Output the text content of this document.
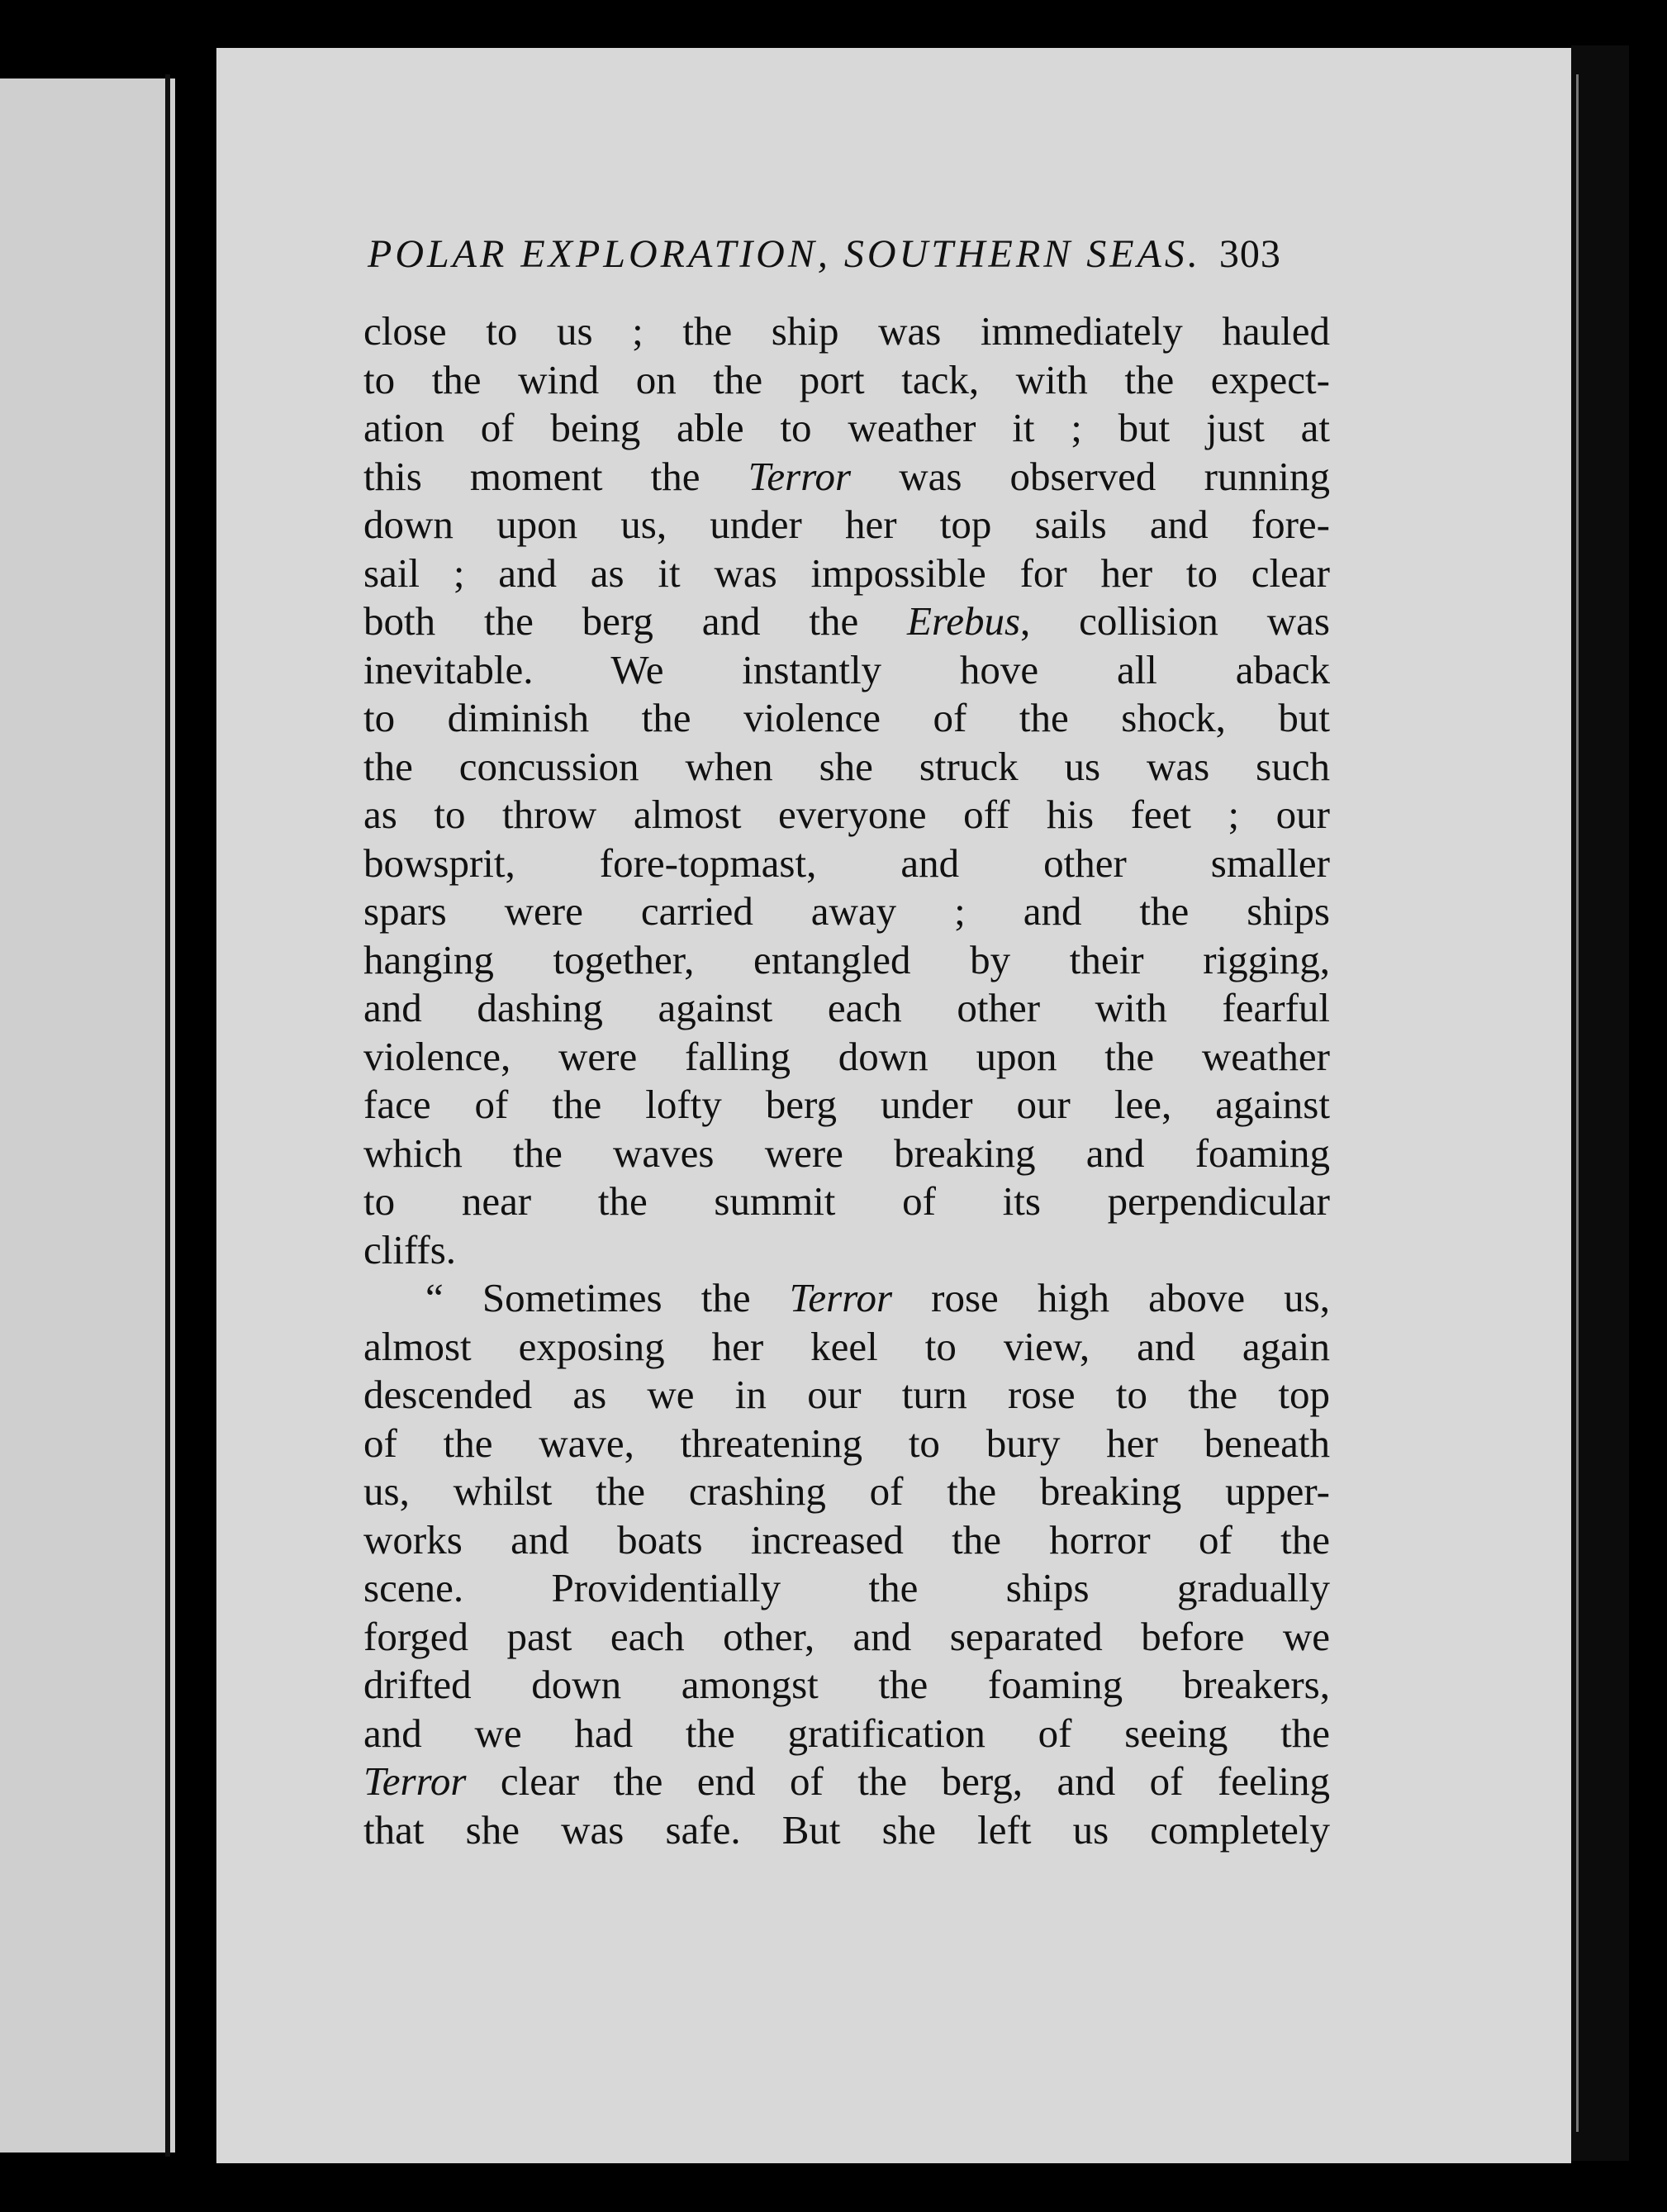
POLAR EXPLORATION, SOUTHERN SEAS. 303
close to us ; the ship was immediately hauled
to the wind on the port tack, with the expect-
ation of being able to weather it ; but just at
this moment the Terror was observed running
down upon us, under her top sails and fore-
sail ; and as it was impossible for her to clear
both the berg and the Erebus, collision was
inevitable. We instantly hove all aback
to diminish the violence of the shock, but
the concussion when she struck us was such
as to throw almost everyone off his feet ; our
bowsprit, fore-topmast, and other smaller
spars were carried away ; and the ships
hanging together, entangled by their rigging,
and dashing against each other with fearful
violence, were falling down upon the weather
face of the lofty berg under our lee, against
which the waves were breaking and foaming
to near the summit of its perpendicular
cliffs.
“ Sometimes the Terror rose high above us,
almost exposing her keel to view, and again
descended as we in our turn rose to the top
of the wave, threatening to bury her beneath
us, whilst the crashing of the breaking upper-
works and boats increased the horror of the
scene. Providentially the ships gradually
forged past each other, and separated before we
drifted down amongst the foaming breakers,
and we had the gratification of seeing the
Terror clear the end of the berg, and of feeling
that she was safe. But she left us completely
